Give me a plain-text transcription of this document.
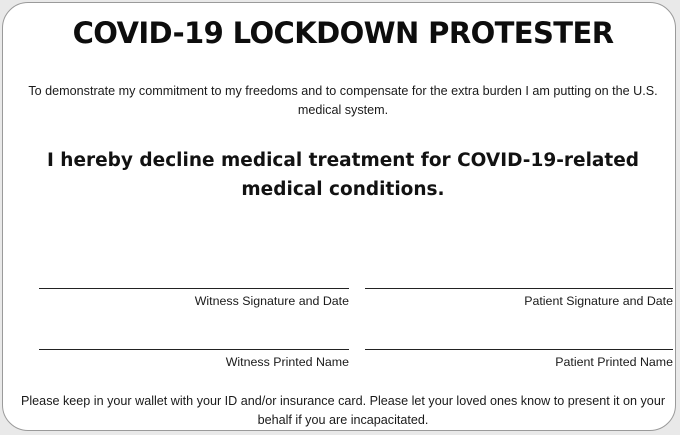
COVID-19 LOCKDOWN PROTESTER
To demonstrate my commitment to my freedoms and to compensate for the extra burden I am putting on the U.S. medical system.
I hereby decline medical treatment for COVID-19-related medical conditions.
Witness Signature and Date	Patient Signature and Date
Witness Printed Name	Patient Printed Name
Please keep in your wallet with your ID and/or insurance card. Please let your loved ones know to present it on your behalf if you are incapacitated.
